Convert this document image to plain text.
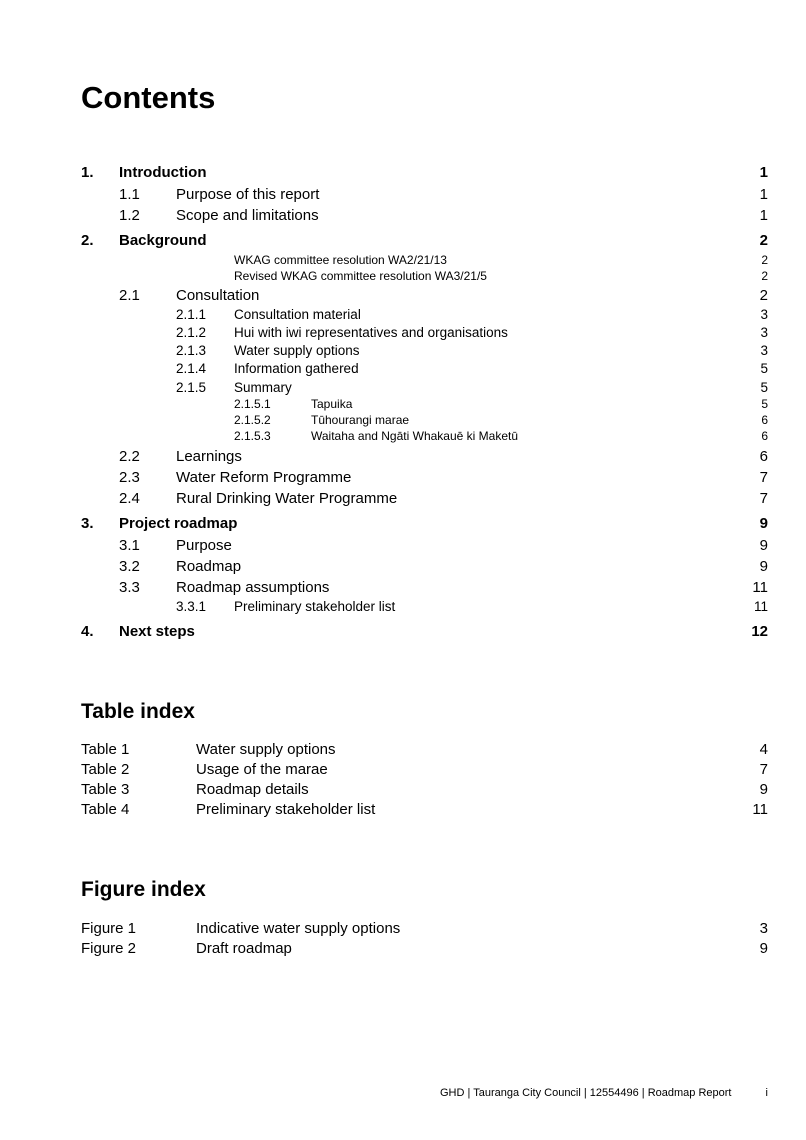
Contents
1. Introduction	1
1.1 Purpose of this report	1
1.2 Scope and limitations	1
2. Background	2
WKAG committee resolution WA2/21/13	2
Revised WKAG committee resolution WA3/21/5	2
2.1 Consultation	2
2.1.1 Consultation material	3
2.1.2 Hui with iwi representatives and organisations	3
2.1.3 Water supply options	3
2.1.4 Information gathered	5
2.1.5 Summary	5
2.1.5.1	Tapuika	5
2.1.5.2	Tūhourangi marae	6
2.1.5.3	Waitaha and Ngāti Whakauē ki Maketū	6
2.2 Learnings	6
2.3 Water Reform Programme	7
2.4 Rural Drinking Water Programme	7
3. Project roadmap	9
3.1 Purpose	9
3.2 Roadmap	9
3.3 Roadmap assumptions	11
3.3.1 Preliminary stakeholder list	11
4. Next steps	12
Table index
Table 1	Water supply options	4
Table 2	Usage of the marae	7
Table 3	Roadmap details	9
Table 4	Preliminary stakeholder list	11
Figure index
Figure 1	Indicative water supply options	3
Figure 2	Draft roadmap	9
GHD | Tauranga City Council | 12554496 | Roadmap Report	i
